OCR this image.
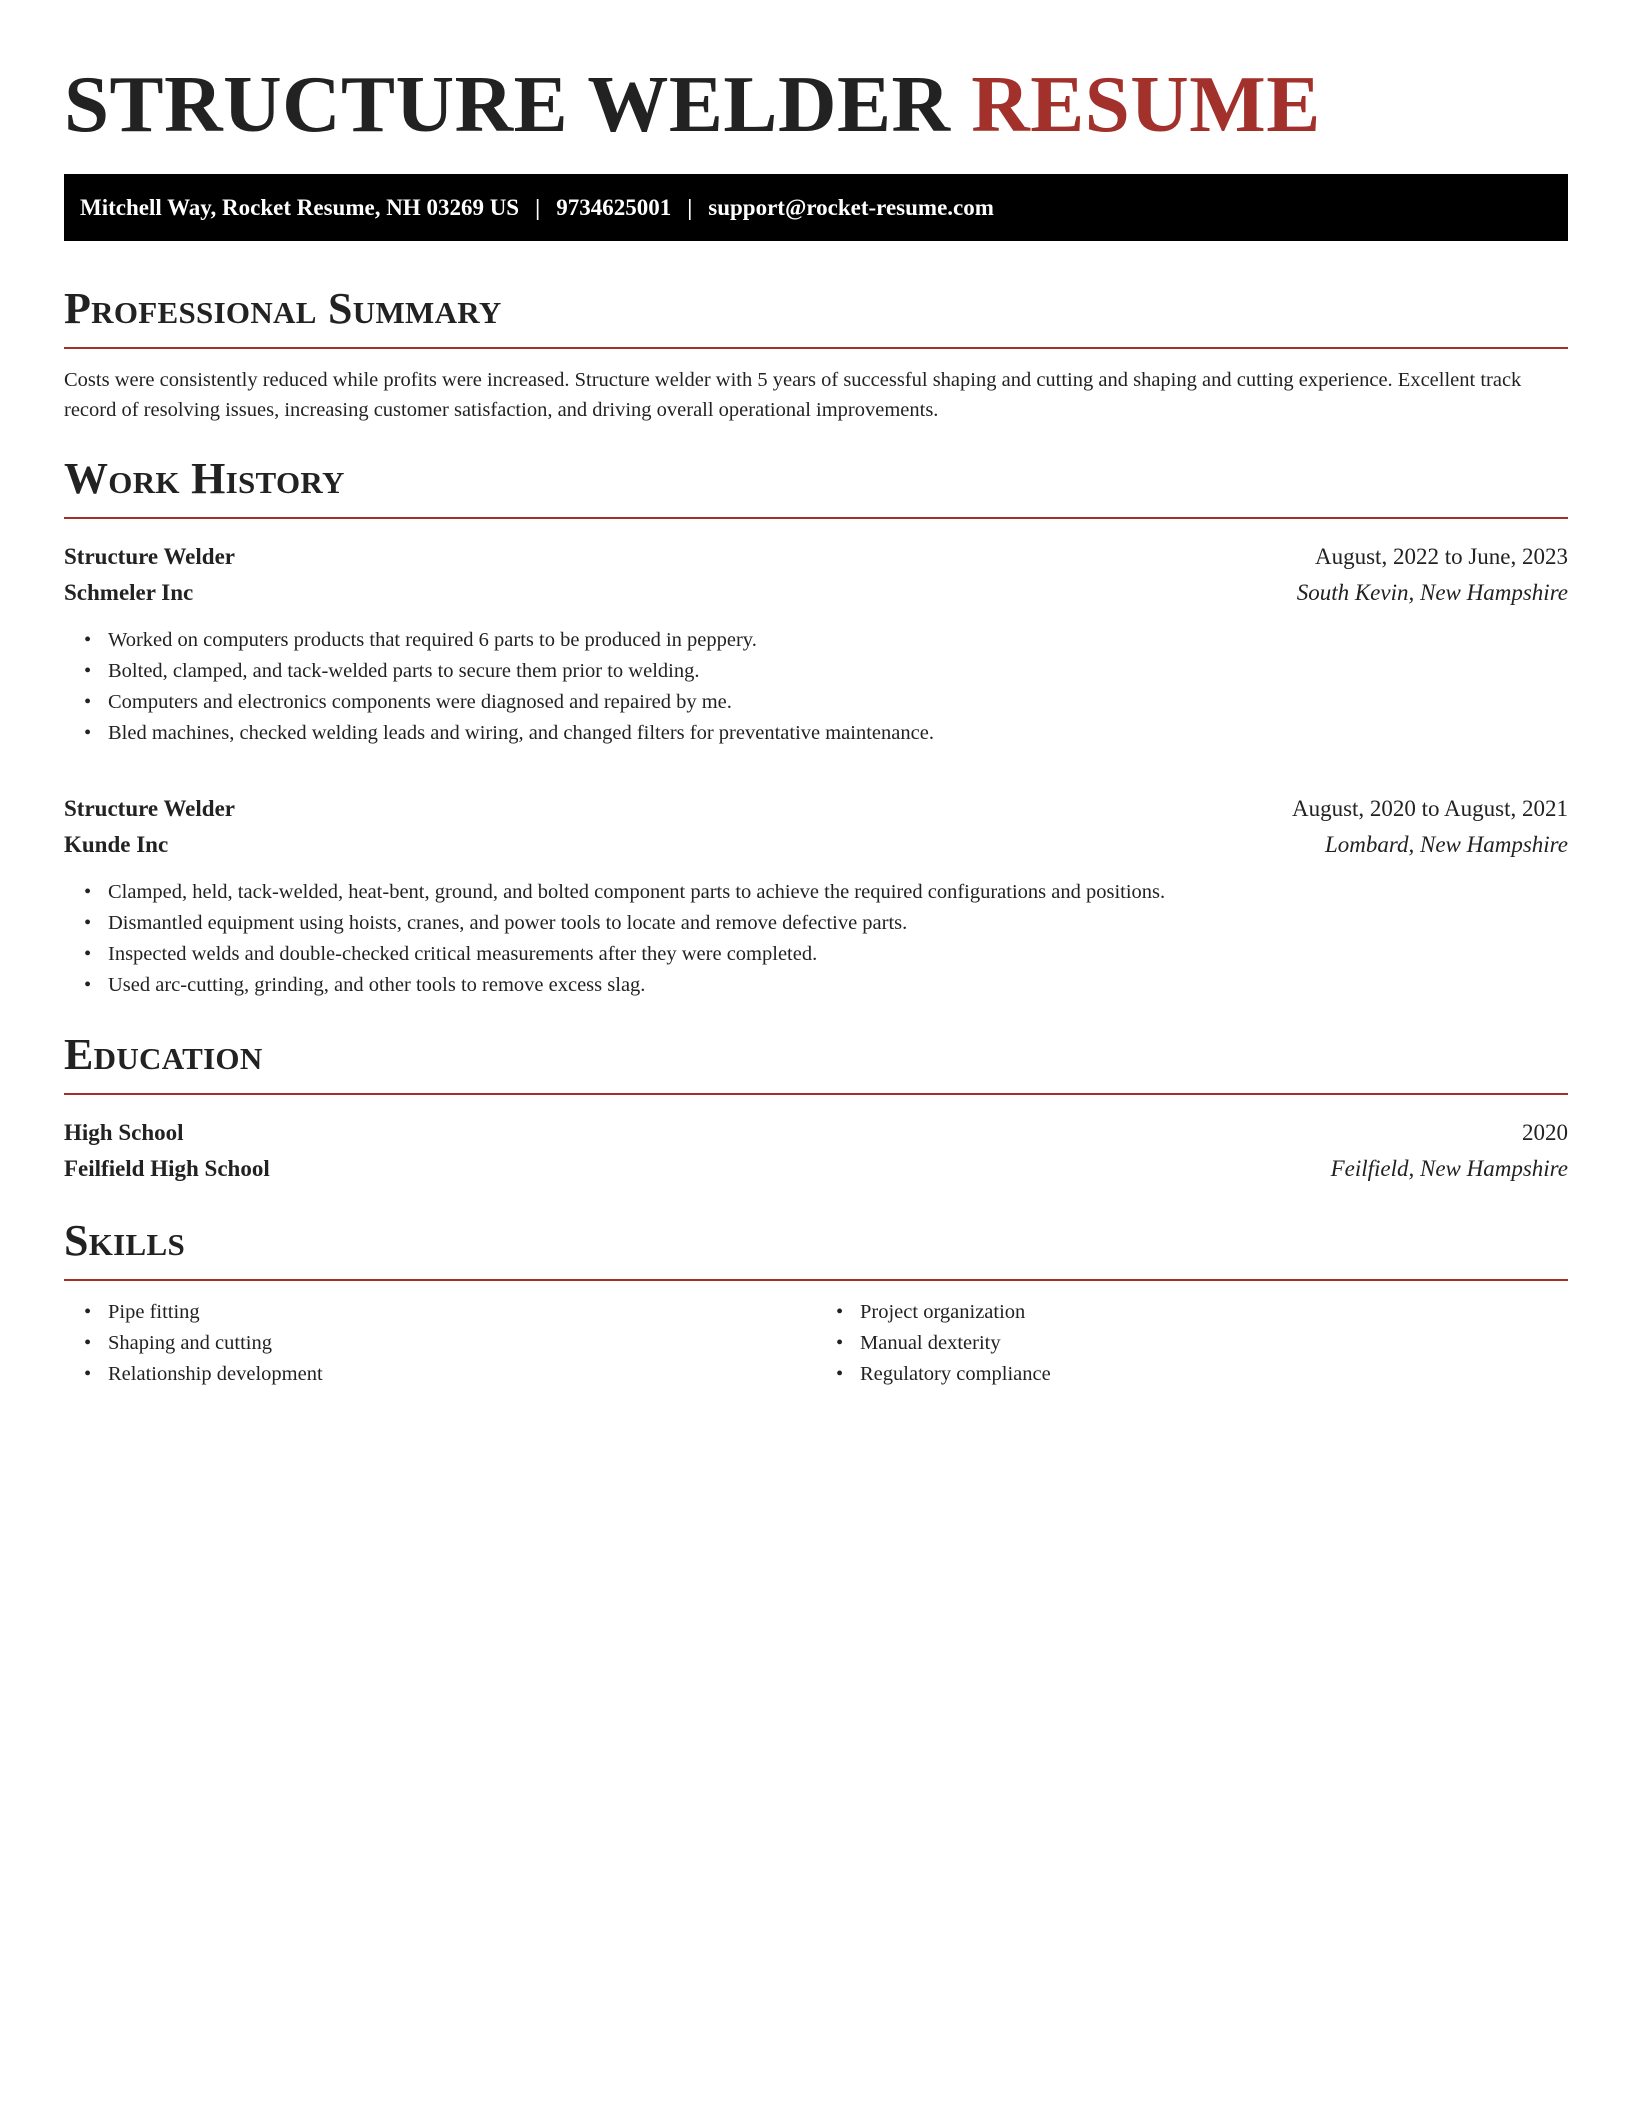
STRUCTURE WELDER RESUME
Mitchell Way, Rocket Resume, NH 03269 US | 9734625001 | support@rocket-resume.com
Professional Summary

Costs were consistently reduced while profits were increased. Structure welder with 5 years of successful shaping and cutting and shaping and cutting experience. Excellent track record of resolving issues, increasing customer satisfaction, and driving overall operational improvements.

Work History
Structure Welder	August, 2022 to June, 2023
Schmeler Inc	South Kevin, New Hampshire
• Worked on computers products that required 6 parts to be produced in peppery.
• Bolted, clamped, and tack-welded parts to secure them prior to welding.
• Computers and electronics components were diagnosed and repaired by me.
• Bled machines, checked welding leads and wiring, and changed filters for preventative maintenance.
Structure Welder	August, 2020 to August, 2021
Kunde Inc	Lombard, New Hampshire
• Clamped, held, tack-welded, heat-bent, ground, and bolted component parts to achieve the required configurations and positions.
• Dismantled equipment using hoists, cranes, and power tools to locate and remove defective parts.
• Inspected welds and double-checked critical measurements after they were completed.
• Used arc-cutting, grinding, and other tools to remove excess slag.
Education
High School	2020
Feilfield High School	Feilfield, New Hampshire
Skills
• Pipe fitting
• Shaping and cutting
• Relationship development
• Project organization
• Manual dexterity
• Regulatory compliance
